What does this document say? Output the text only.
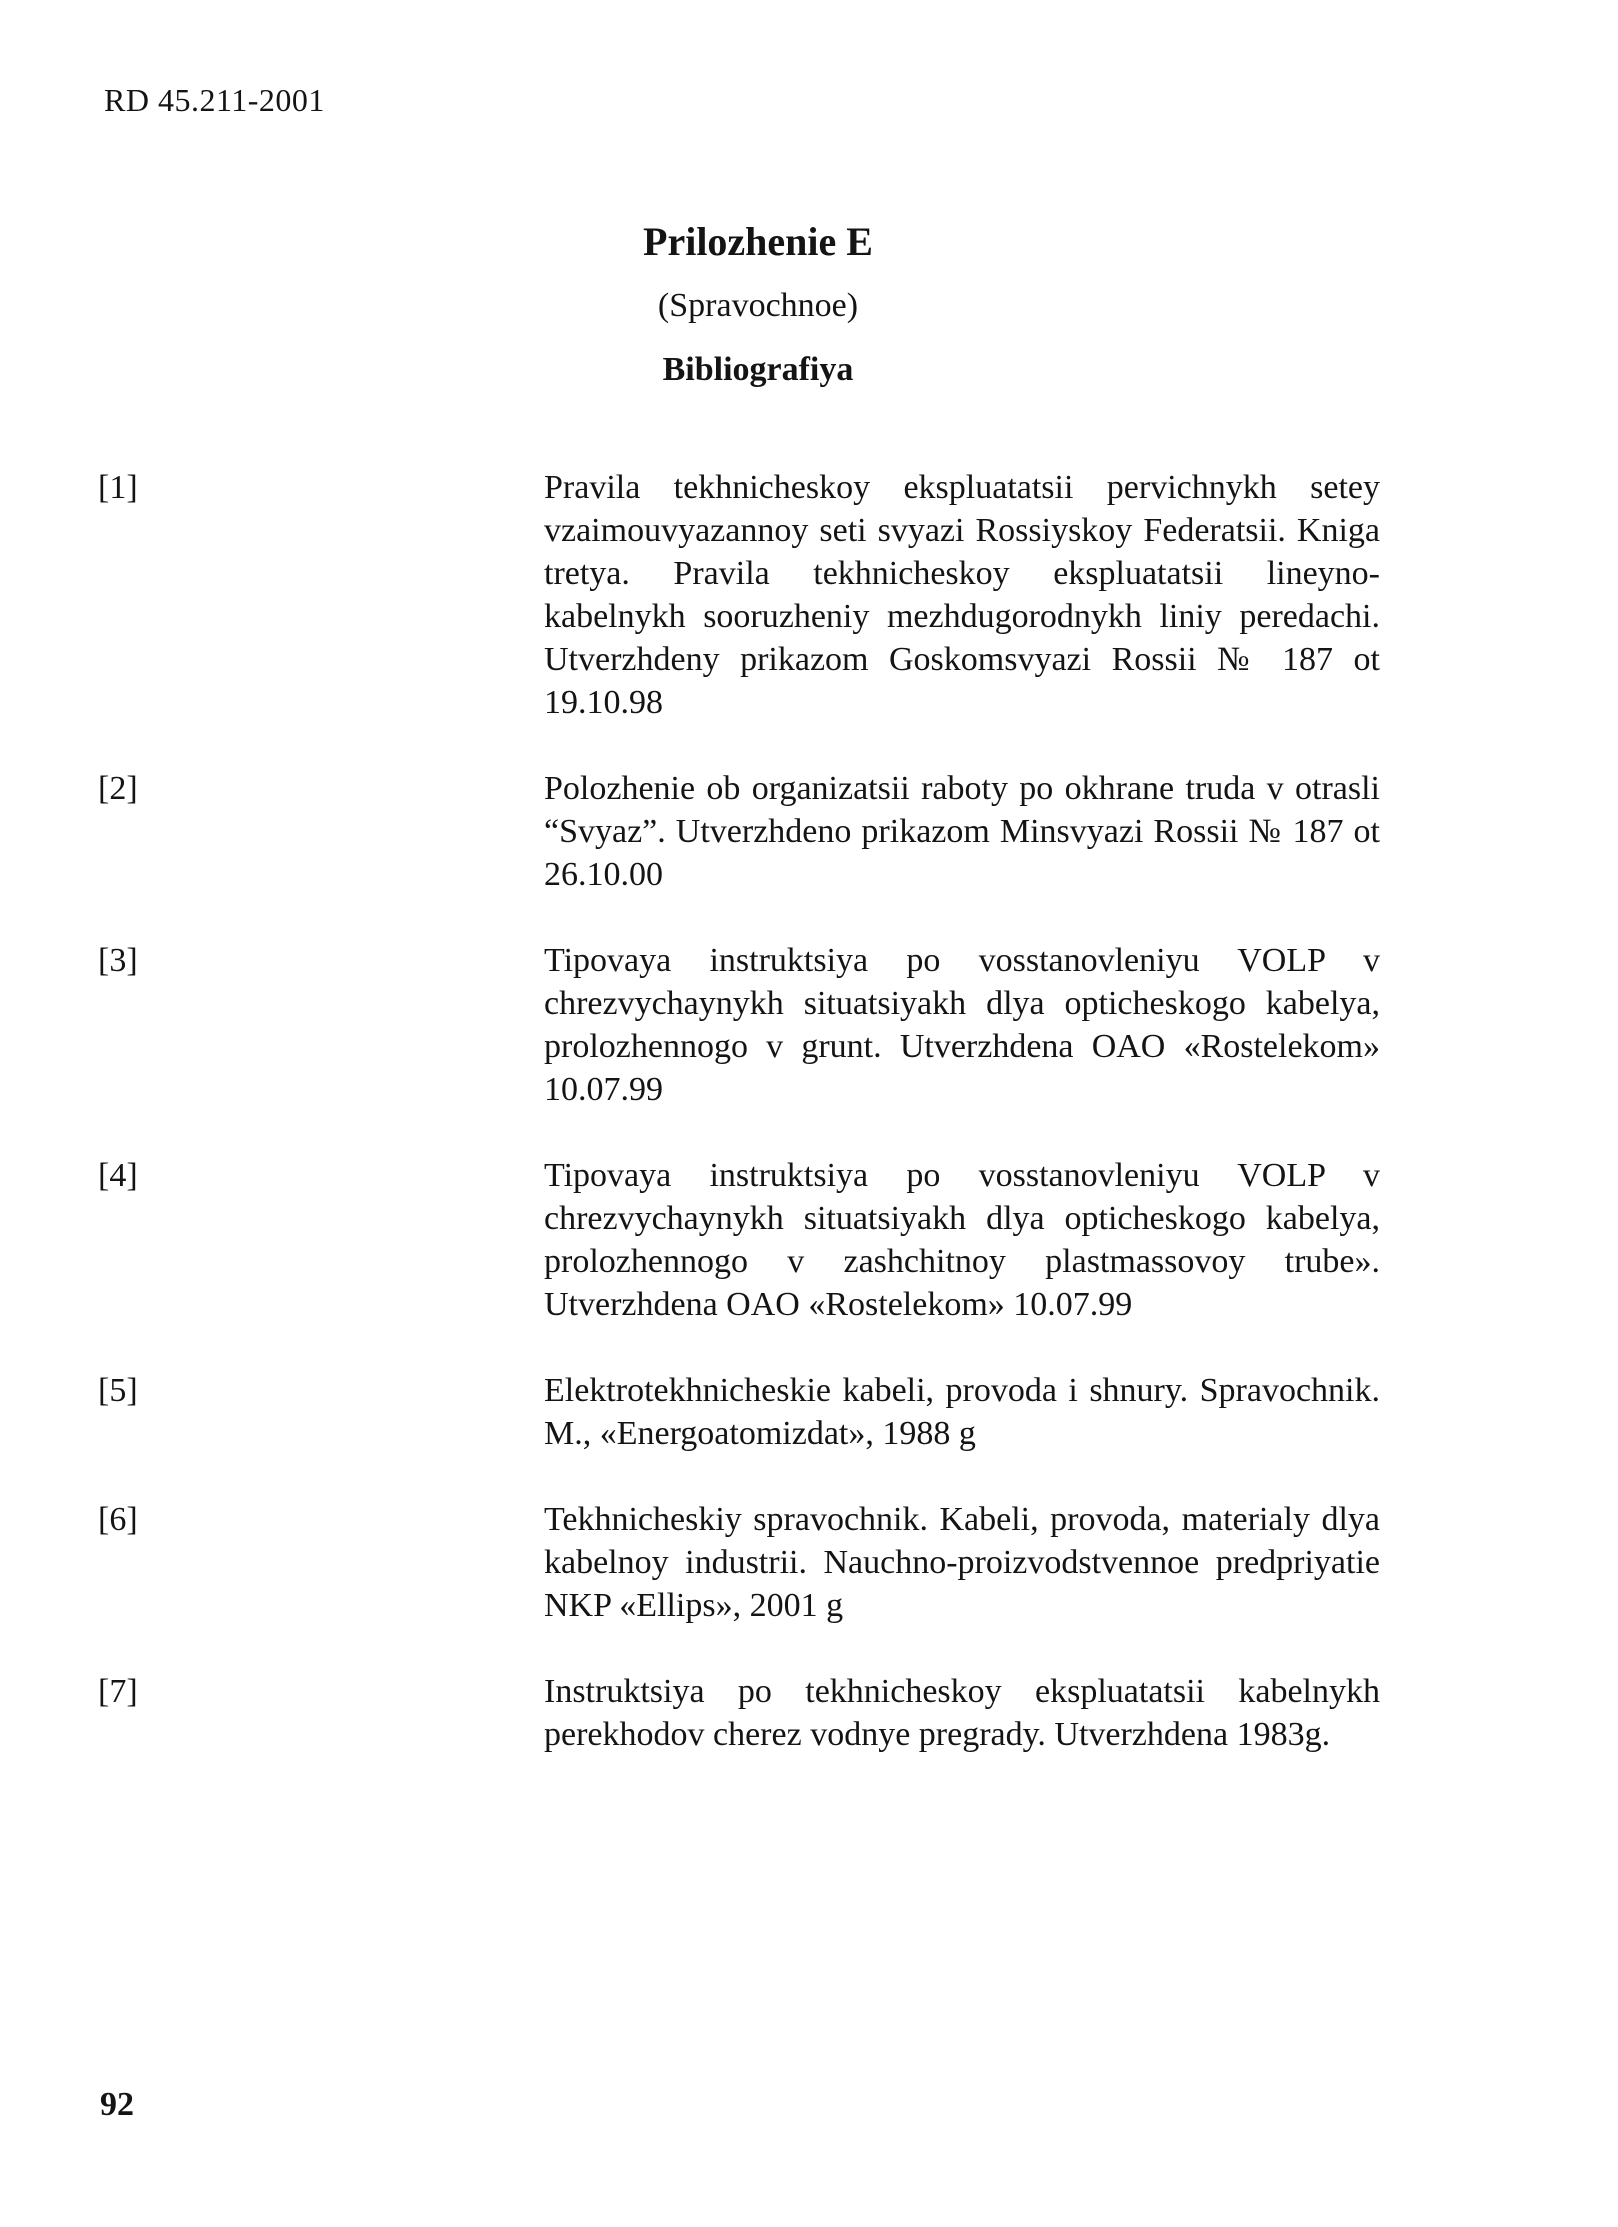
RD 45.211-2001

Prilozhenie E

(Spravochnoe)

Bibliografiya

[1]	Pravila tekhnicheskoy ekspluatatsii pervichnykh setey vzaimouvyazannoy seti svyazi Rossiyskoy Federatsii. Kniga tretya. Pravila tekhnicheskoy ekspluatatsii lineyno-kabelnykh sooruzheniy mezhdugorodnykh liniy peredachi. Utverzhdeny prikazom Goskomsvyazi Rossii № 187 ot 19.10.98
[2]	Polozhenie ob organizatsii raboty po okhrane truda v otrasli “Svyaz”. Utverzhdeno prikazom Minsvyazi Rossii № 187 ot 26.10.00
[3]	Tipovaya instruktsiya po vosstanovleniyu VOLP v chrezvychaynykh situatsiyakh dlya opticheskogo kabelya, prolozhennogo v grunt. Utverzhdena OAO «Rostelekom» 10.07.99
[4]	Tipovaya instruktsiya po vosstanovleniyu VOLP v chrezvychaynykh situatsiyakh dlya opticheskogo kabelya, prolozhennogo v zashchitnoy plastmassovoy trube». Utverzhdena OAO «Rostelekom» 10.07.99
[5]	Elektrotekhnicheskie kabeli, provoda i shnury. Spravochnik. M., «Energoatomizdat», 1988 g
[6]	Tekhnicheskiy spravochnik. Kabeli, provoda, materialy dlya kabelnoy industrii. Nauchno-proizvodstvennoe predpriyatie NKP «Ellips», 2001 g
[7]	Instruktsiya po tekhnicheskoy ekspluatatsii kabelnykh perekhodov cherez vodnye pregrady. Utverzhdena 1983g.
92
